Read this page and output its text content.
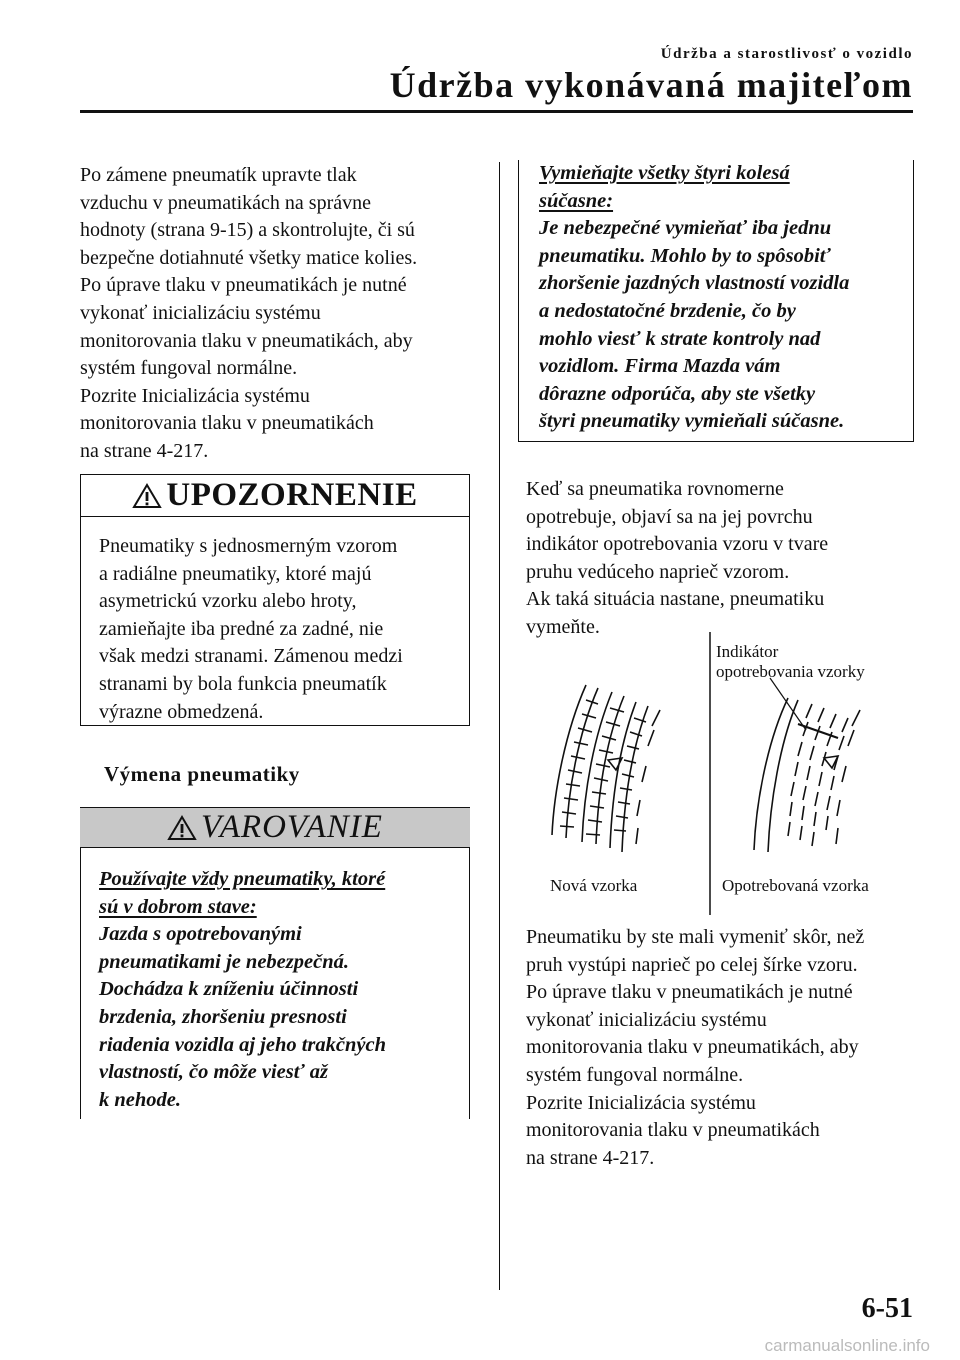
Údržba a starostlivosť o vozidlo
Údržba vykonávaná majiteľom
Po zámene pneumatík upravte tlak
vzduchu v pneumatikách na správne
hodnoty (strana 9-15) a skontrolujte, či sú
bezpečne dotiahnuté všetky matice kolies.
Po úprave tlaku v pneumatikách je nutné
vykonať inicializáciu systému
monitorovania tlaku v pneumatikách, aby
systém fungoval normálne.
Pozrite Inicializácia systému
monitorovania tlaku v pneumatikách
na strane 4-217.
UPOZORNENIE
Pneumatiky s jednosmerným vzorom
a radiálne pneumatiky, ktoré majú
asymetrickú vzorku alebo hroty,
zamieňajte iba predné za zadné, nie
však medzi stranami. Zámenou medzi
stranami by bola funkcia pneumatík
výrazne obmedzená.
Výmena pneumatiky
VAROVANIE
Používajte vždy pneumatiky, ktoré
sú v dobrom stave:
Jazda s opotrebovanými
pneumatikami je nebezpečná.
Dochádza k zníženiu účinnosti
brzdenia, zhoršeniu presnosti
riadenia vozidla aj jeho trakčných
vlastností, čo môže viesť až
k nehode.
Vymieňajte všetky štyri kolesá
súčasne:
Je nebezpečné vymieňať iba jednu
pneumatiku. Mohlo by to spôsobiť
zhoršenie jazdných vlastností vozidla
a nedostatočné brzdenie, čo by
mohlo viesť k strate kontroly nad
vozidlom. Firma Mazda vám
dôrazne odporúča, aby ste všetky
štyri pneumatiky vymieňali súčasne.
Keď sa pneumatika rovnomerne
opotrebuje, objaví sa na jej povrchu
indikátor opotrebovania vzoru v tvare
pruhu vedúceho naprieč vzorom.
Ak taká situácia nastane, pneumatiku
vymeňte.
Indikátor
opotrebovania vzorky
Nová vzorka	Opotrebovaná vzorka
Pneumatiku by ste mali vymeniť skôr, než
pruh vystúpi naprieč po celej šírke vzoru.
Po úprave tlaku v pneumatikách je nutné
vykonať inicializáciu systému
monitorovania tlaku v pneumatikách, aby
systém fungoval normálne.
Pozrite Inicializácia systému
monitorovania tlaku v pneumatikách
na strane 4-217.
6-51
carmanualsonline.info
